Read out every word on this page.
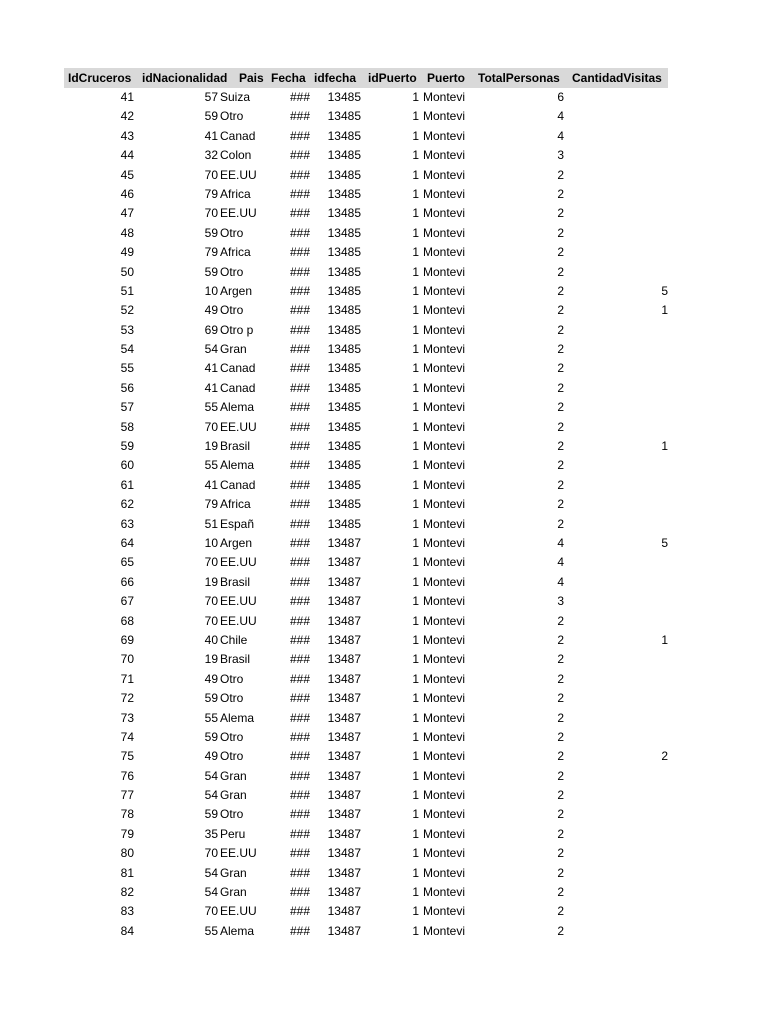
IdCruceros idNacionalidad Pais Fecha idfecha idPuerto Puerto	TotalPersonas	CantidadVisitas
41	57 Suiza	###	13485	1 Montevi	6
42	59 Otro	###	13485	1 Montevi	4
43	41 Canad	###	13485	1 Montevi	4
44	32 Colon	###	13485	1 Montevi	3
45	70 EE.UU	###	13485	1 Montevi	2
46	79 Africa	###	13485	1 Montevi	2
47	70 EE.UU	###	13485	1 Montevi	2
48	59 Otro	###	13485	1 Montevi	2
49	79 Africa	###	13485	1 Montevi	2
50	59 Otro	###	13485	1 Montevi	2
51	10 Argen	###	13485	1 Montevi	2	5
52	49 Otro	###	13485	1 Montevi	2	1
53	69 Otro p	###	13485	1 Montevi	2
54	54 Gran	###	13485	1 Montevi	2
55	41 Canad	###	13485	1 Montevi	2
56	41 Canad	###	13485	1 Montevi	2
57	55 Alema	###	13485	1 Montevi	2
58	70 EE.UU	###	13485	1 Montevi	2
59	19 Brasil	###	13485	1 Montevi	2	1
60	55 Alema	###	13485	1 Montevi	2
61	41 Canad	###	13485	1 Montevi	2
62	79 Africa	###	13485	1 Montevi	2
63	51 Españ	###	13485	1 Montevi	2
64	10 Argen	###	13487	1 Montevi	4	5
65	70 EE.UU	###	13487	1 Montevi	4
66	19 Brasil	###	13487	1 Montevi	4
67	70 EE.UU	###	13487	1 Montevi	3
68	70 EE.UU	###	13487	1 Montevi	2
69	40 Chile	###	13487	1 Montevi	2	1
70	19 Brasil	###	13487	1 Montevi	2
71	49 Otro	###	13487	1 Montevi	2
72	59 Otro	###	13487	1 Montevi	2
73	55 Alema	###	13487	1 Montevi	2
74	59 Otro	###	13487	1 Montevi	2
75	49 Otro	###	13487	1 Montevi	2	2
76	54 Gran	###	13487	1 Montevi	2
77	54 Gran	###	13487	1 Montevi	2
78	59 Otro	###	13487	1 Montevi	2
79	35 Peru	###	13487	1 Montevi	2
80	70 EE.UU	###	13487	1 Montevi	2
81	54 Gran	###	13487	1 Montevi	2
82	54 Gran	###	13487	1 Montevi	2
83	70 EE.UU	###	13487	1 Montevi	2
84	55 Alema	###	13487	1 Montevi	2
